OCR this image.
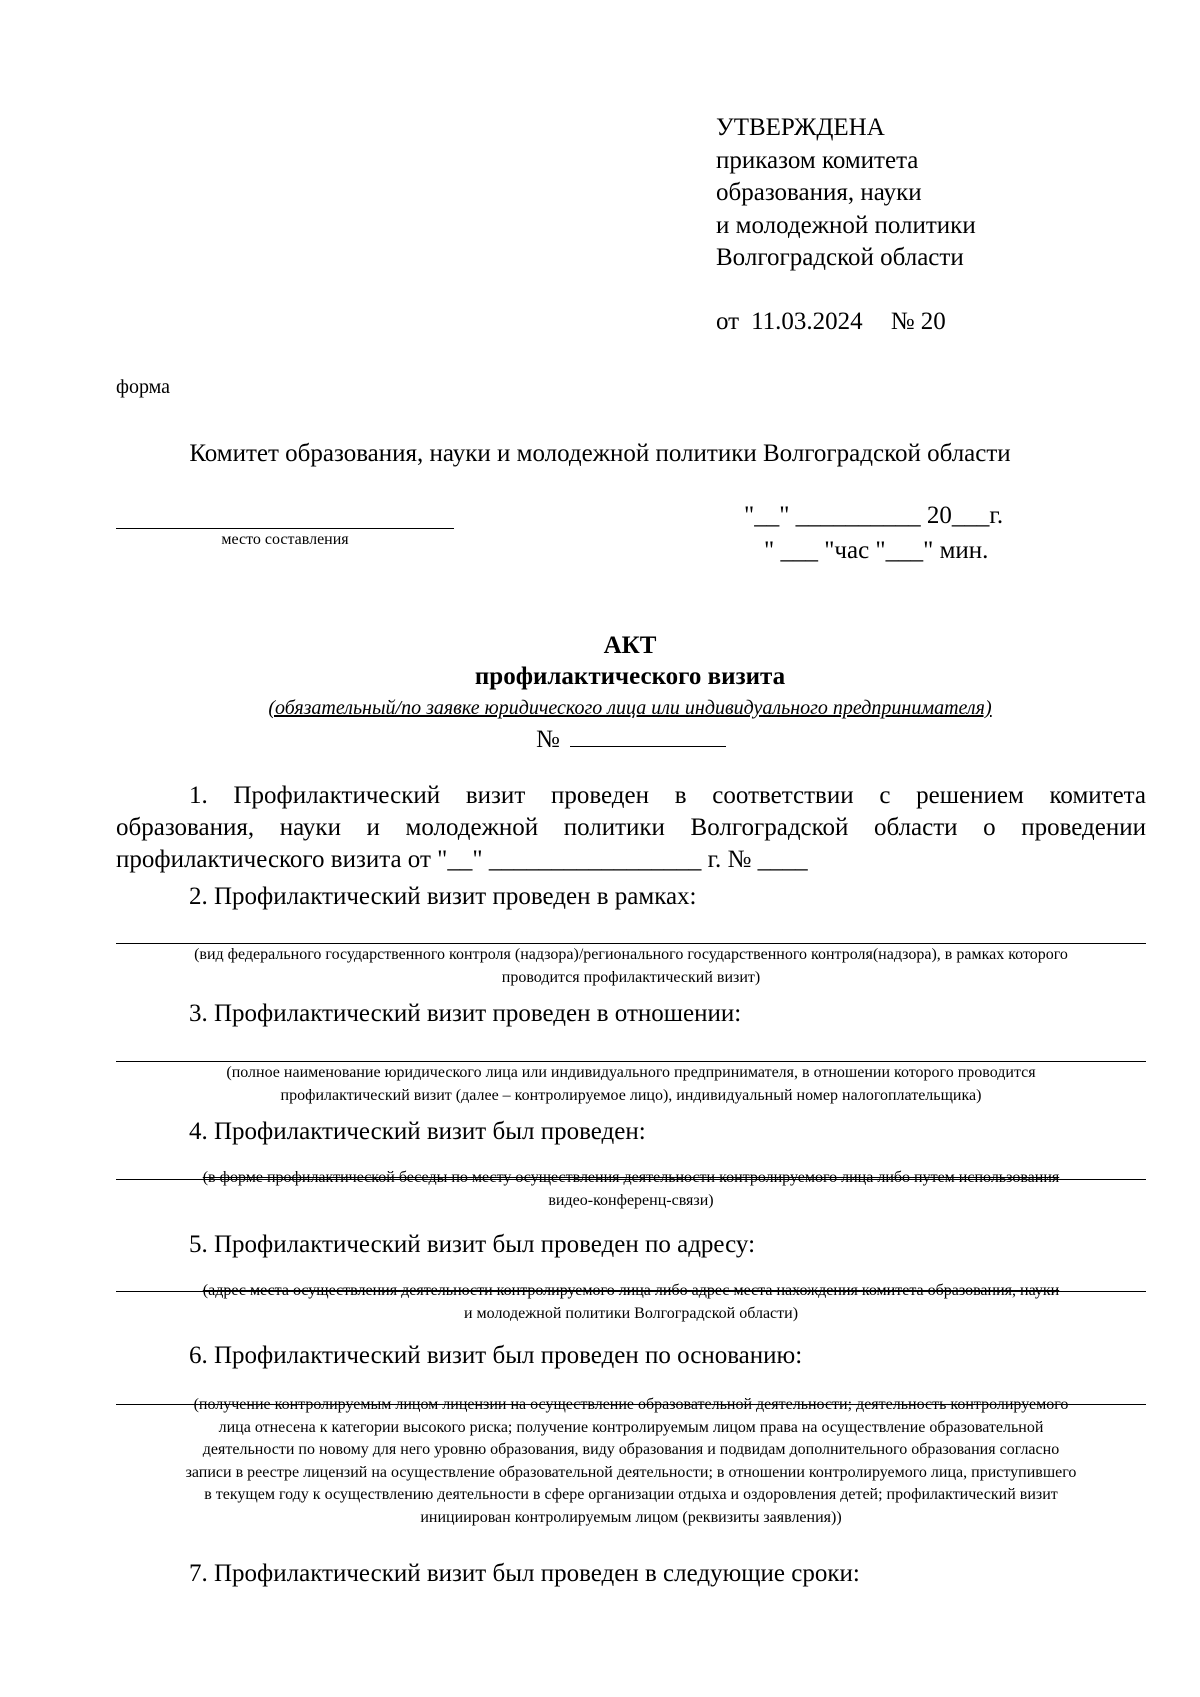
УТВЕРЖДЕНА
приказом комитета
образования, науки
и молодежной политики
Волгоградской области
от 11.03.2024 № 20
форма
Комитет образования, науки и молодежной политики Волгоградской области
место составления
"__" __________ 20___г.
" ___ "час "___" мин.
АКТ
профилактического визита
(обязательный/по заявке юридического лица или индивидуального предпринимателя)
№
1. Профилактический визит проведен в соответствии с решением комитета
образования, науки и молодежной политики Волгоградской области о проведении
профилактического визита от "__" _________________ г. № ____
2. Профилактический визит проведен в рамках:
(вид федерального государственного контроля (надзора)/регионального государственного контроля(надзора), в рамках которого
проводится профилактический визит)
3. Профилактический визит проведен в отношении:
(полное наименование юридического лица или индивидуального предпринимателя, в отношении которого проводится
профилактический визит (далее – контролируемое лицо), индивидуальный номер налогоплательщика)
4. Профилактический визит был проведен:
(в форме профилактической беседы по месту осуществления деятельности контролируемого лица либо путем использования
видео-конференц-связи)
5. Профилактический визит был проведен по адресу:
(адрес места осуществления деятельности контролируемого лица либо адрес места нахождения комитета образования, науки
и молодежной политики Волгоградской области)
6. Профилактический визит был проведен по основанию:
(получение контролируемым лицом лицензии на осуществление образовательной деятельности; деятельность контролируемого
лица отнесена к категории высокого риска; получение контролируемым лицом права на осуществление образовательной
деятельности по новому для него уровню образования, виду образования и подвидам дополнительного образования согласно
записи в реестре лицензий на осуществление образовательной деятельности; в отношении контролируемого лица, приступившего
в текущем году к осуществлению деятельности в сфере организации отдыха и оздоровления детей; профилактический визит
инициирован контролируемым лицом (реквизиты заявления))
7. Профилактический визит был проведен в следующие сроки:
